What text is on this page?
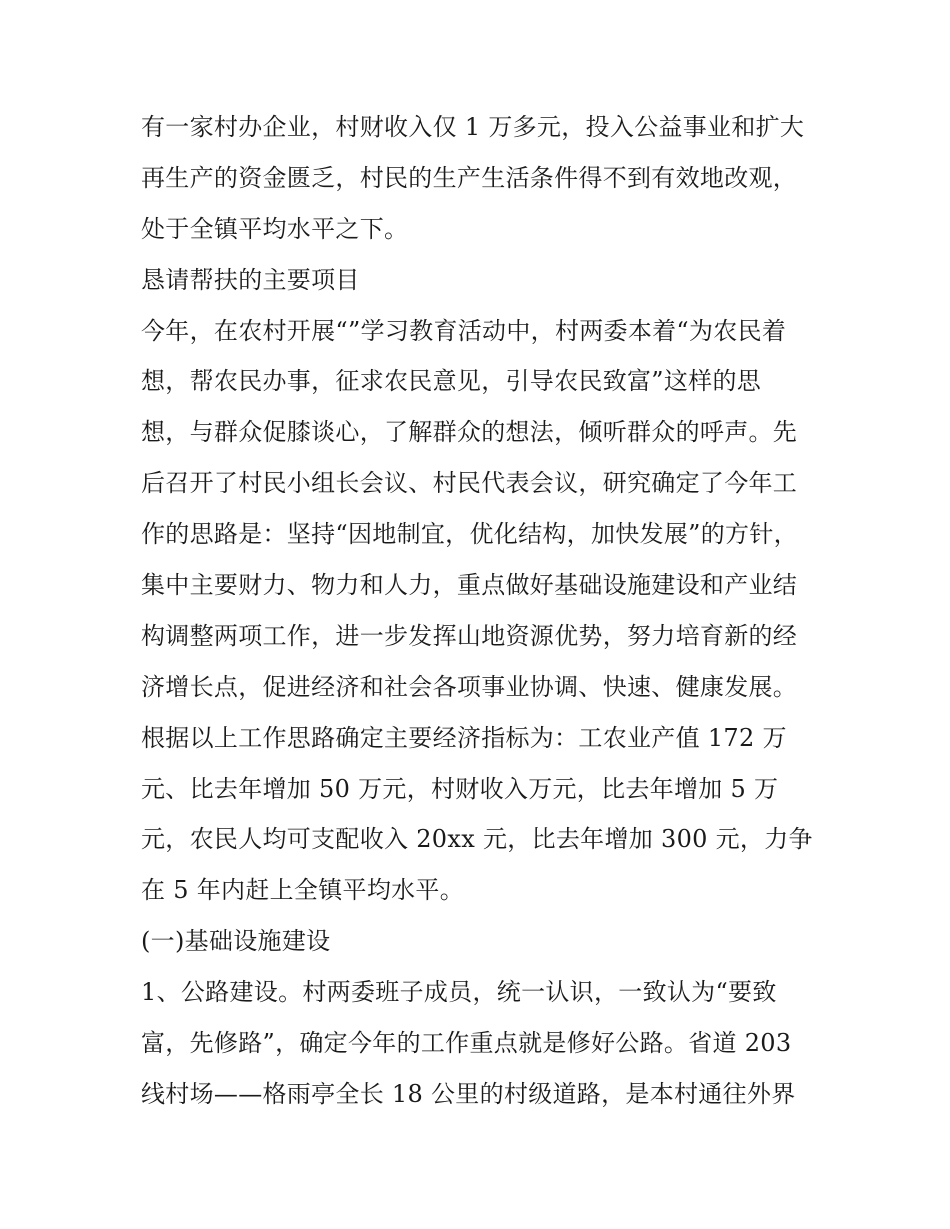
有一家村办企业，村财收入仅 1 万多元，投入公益事业和扩大
再生产的资金匮乏，村民的生产生活条件得不到有效地改观，
处于全镇平均水平之下。
恳请帮扶的主要项目
今年，在农村开展“”学习教育活动中，村两委本着“为农民着
想，帮农民办事，征求农民意见，引导农民致富”这样的思
想，与群众促膝谈心，了解群众的想法，倾听群众的呼声。先
后召开了村民小组长会议、村民代表会议，研究确定了今年工
作的思路是：坚持“因地制宜，优化结构，加快发展”的方针，
集中主要财力、物力和人力，重点做好基础设施建设和产业结
构调整两项工作，进一步发挥山地资源优势，努力培育新的经
济增长点，促进经济和社会各项事业协调、快速、健康发展。
根据以上工作思路确定主要经济指标为：工农业产值 172 万
元、比去年增加 50 万元，村财收入万元，比去年增加 5 万
元，农民人均可支配收入 20xx 元，比去年增加 300 元，力争
在 5 年内赶上全镇平均水平。
(一)基础设施建设
1、公路建设。村两委班子成员，统一认识，一致认为“要致
富，先修路”，确定今年的工作重点就是修好公路。省道 203
线村场——格雨亭全长 18 公里的村级道路，是本村通往外界
